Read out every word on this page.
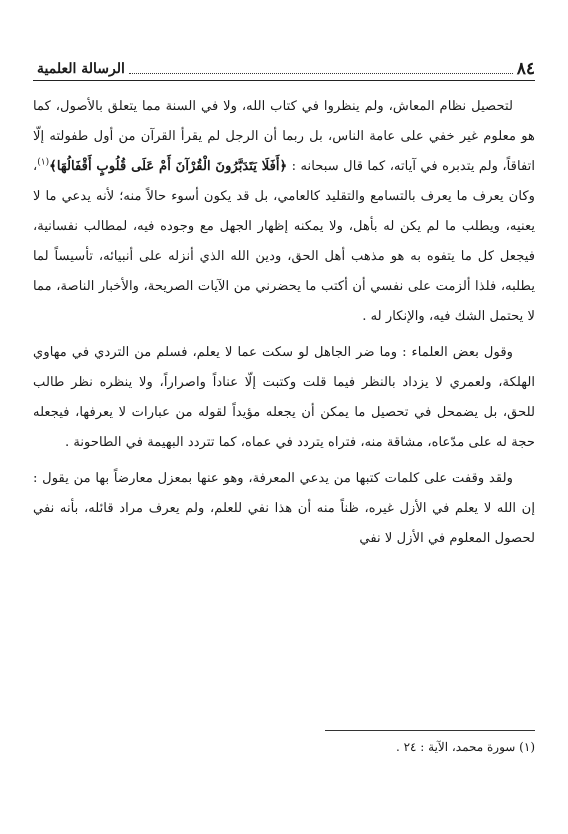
٨٤
الرسالة العلمية

لتحصيل نظام المعاش، ولم ينظروا في كتاب الله، ولا في السنة مما يتعلق بالأصول، كما هو معلوم غير خفي على عامة الناس، بل ربما أن الرجل لم يقرأ القرآن من أول طفولته إلّا اتفاقاً، ولم يتدبره في آياته، كما قال سبحانه : ﴿أَفَلَا يَتَدَبَّرُونَ الْقُرْآنَ أَمْ عَلَى قُلُوبٍ أَقْفَالُهَا﴾$^{(١)}$، وكان يعرف ما يعرف بالتسامع والتقليد كالعامي، بل قد يكون أسوء حالاً منه؛ لأنه يدعي ما لا يعنيه، ويطلب ما لم يكن له بأهل، ولا يمكنه إظهار الجهل مع وجوده فيه، لمطالب نفسانية، فيجعل كل ما يتفوه به هو مذهب أهل الحق، ودين الله الذي أنزله على أنبيائه، تأسيساً لما يطلبه، فلذا ألزمت على نفسي أن أكتب ما يحضرني من الآيات الصريحة، والأخبار الناصة، مما لا يحتمل الشك فيه، والإنكار له .

وقول بعض العلماء : وما ضر الجاهل لو سكت عما لا يعلم، فسلم من التردي في مهاوي الهلكة، ولعمري لا يزداد بالنظر فيما قلت وكتبت إلّا عناداً واصراراً، ولا ينظره نظر طالب للحق، بل يضمحل في تحصيل ما يمكن أن يجعله مؤيداً لقوله من عبارات لا يعرفها، فيجعله حجة له على مدّعاه، مشاقة منه، فتراه يتردد في عماه، كما تتردد البهيمة في الطاحونة .

ولقد وقفت على كلمات كتبها من يدعي المعرفة، وهو عنها بمعزل معارضاً بها من يقول : إن الله لا يعلم في الأزل غيره، ظناً منه أن هذا نفي للعلم، ولم يعرف مراد قائله، بأنه نفي لحصول المعلوم في الأزل لا نفي

(١) سورة محمد، الآية : ٢٤ .
